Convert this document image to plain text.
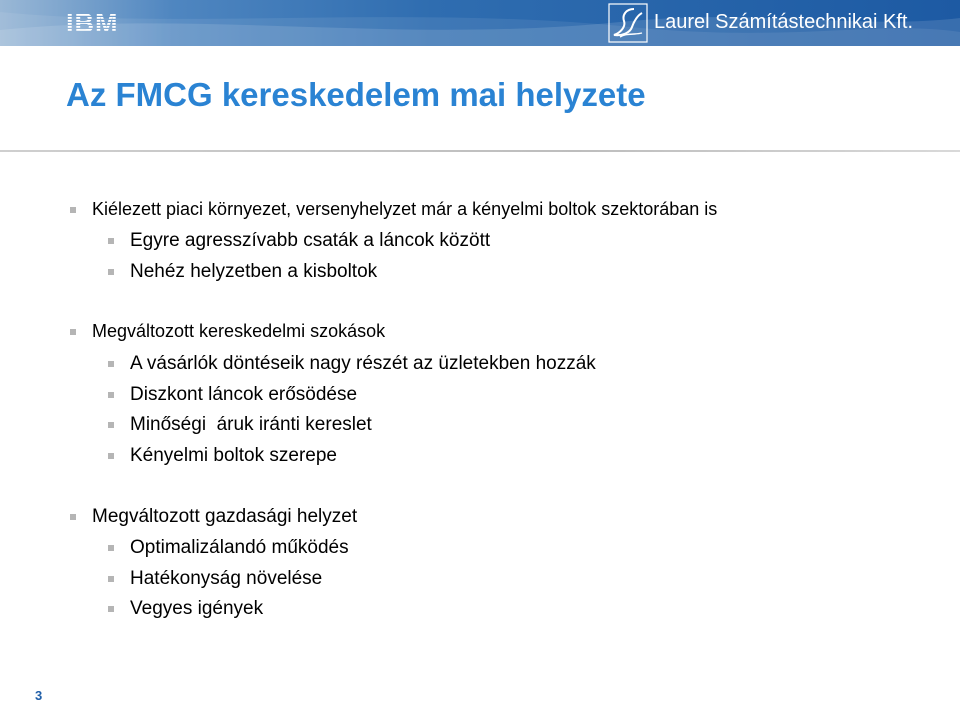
IBM	Laurel Számítástechnikai Kft.
Az FMCG kereskedelem mai helyzete
Kiélezett piaci környezet, versenyhelyzet már a kényelmi boltok szektorában is
Egyre agresszívabb csaták a láncok között
Nehéz helyzetben a kisboltok
Megváltozott kereskedelmi szokások
A vásárlók döntéseik nagy részét az üzletekben hozzák
Diszkont láncok erősödése
Minőségi  áruk iránti kereslet
Kényelmi boltok szerepe
Megváltozott gazdasági helyzet
Optimalizálandó működés
Hatékonyság növelése
Vegyes igények
3
